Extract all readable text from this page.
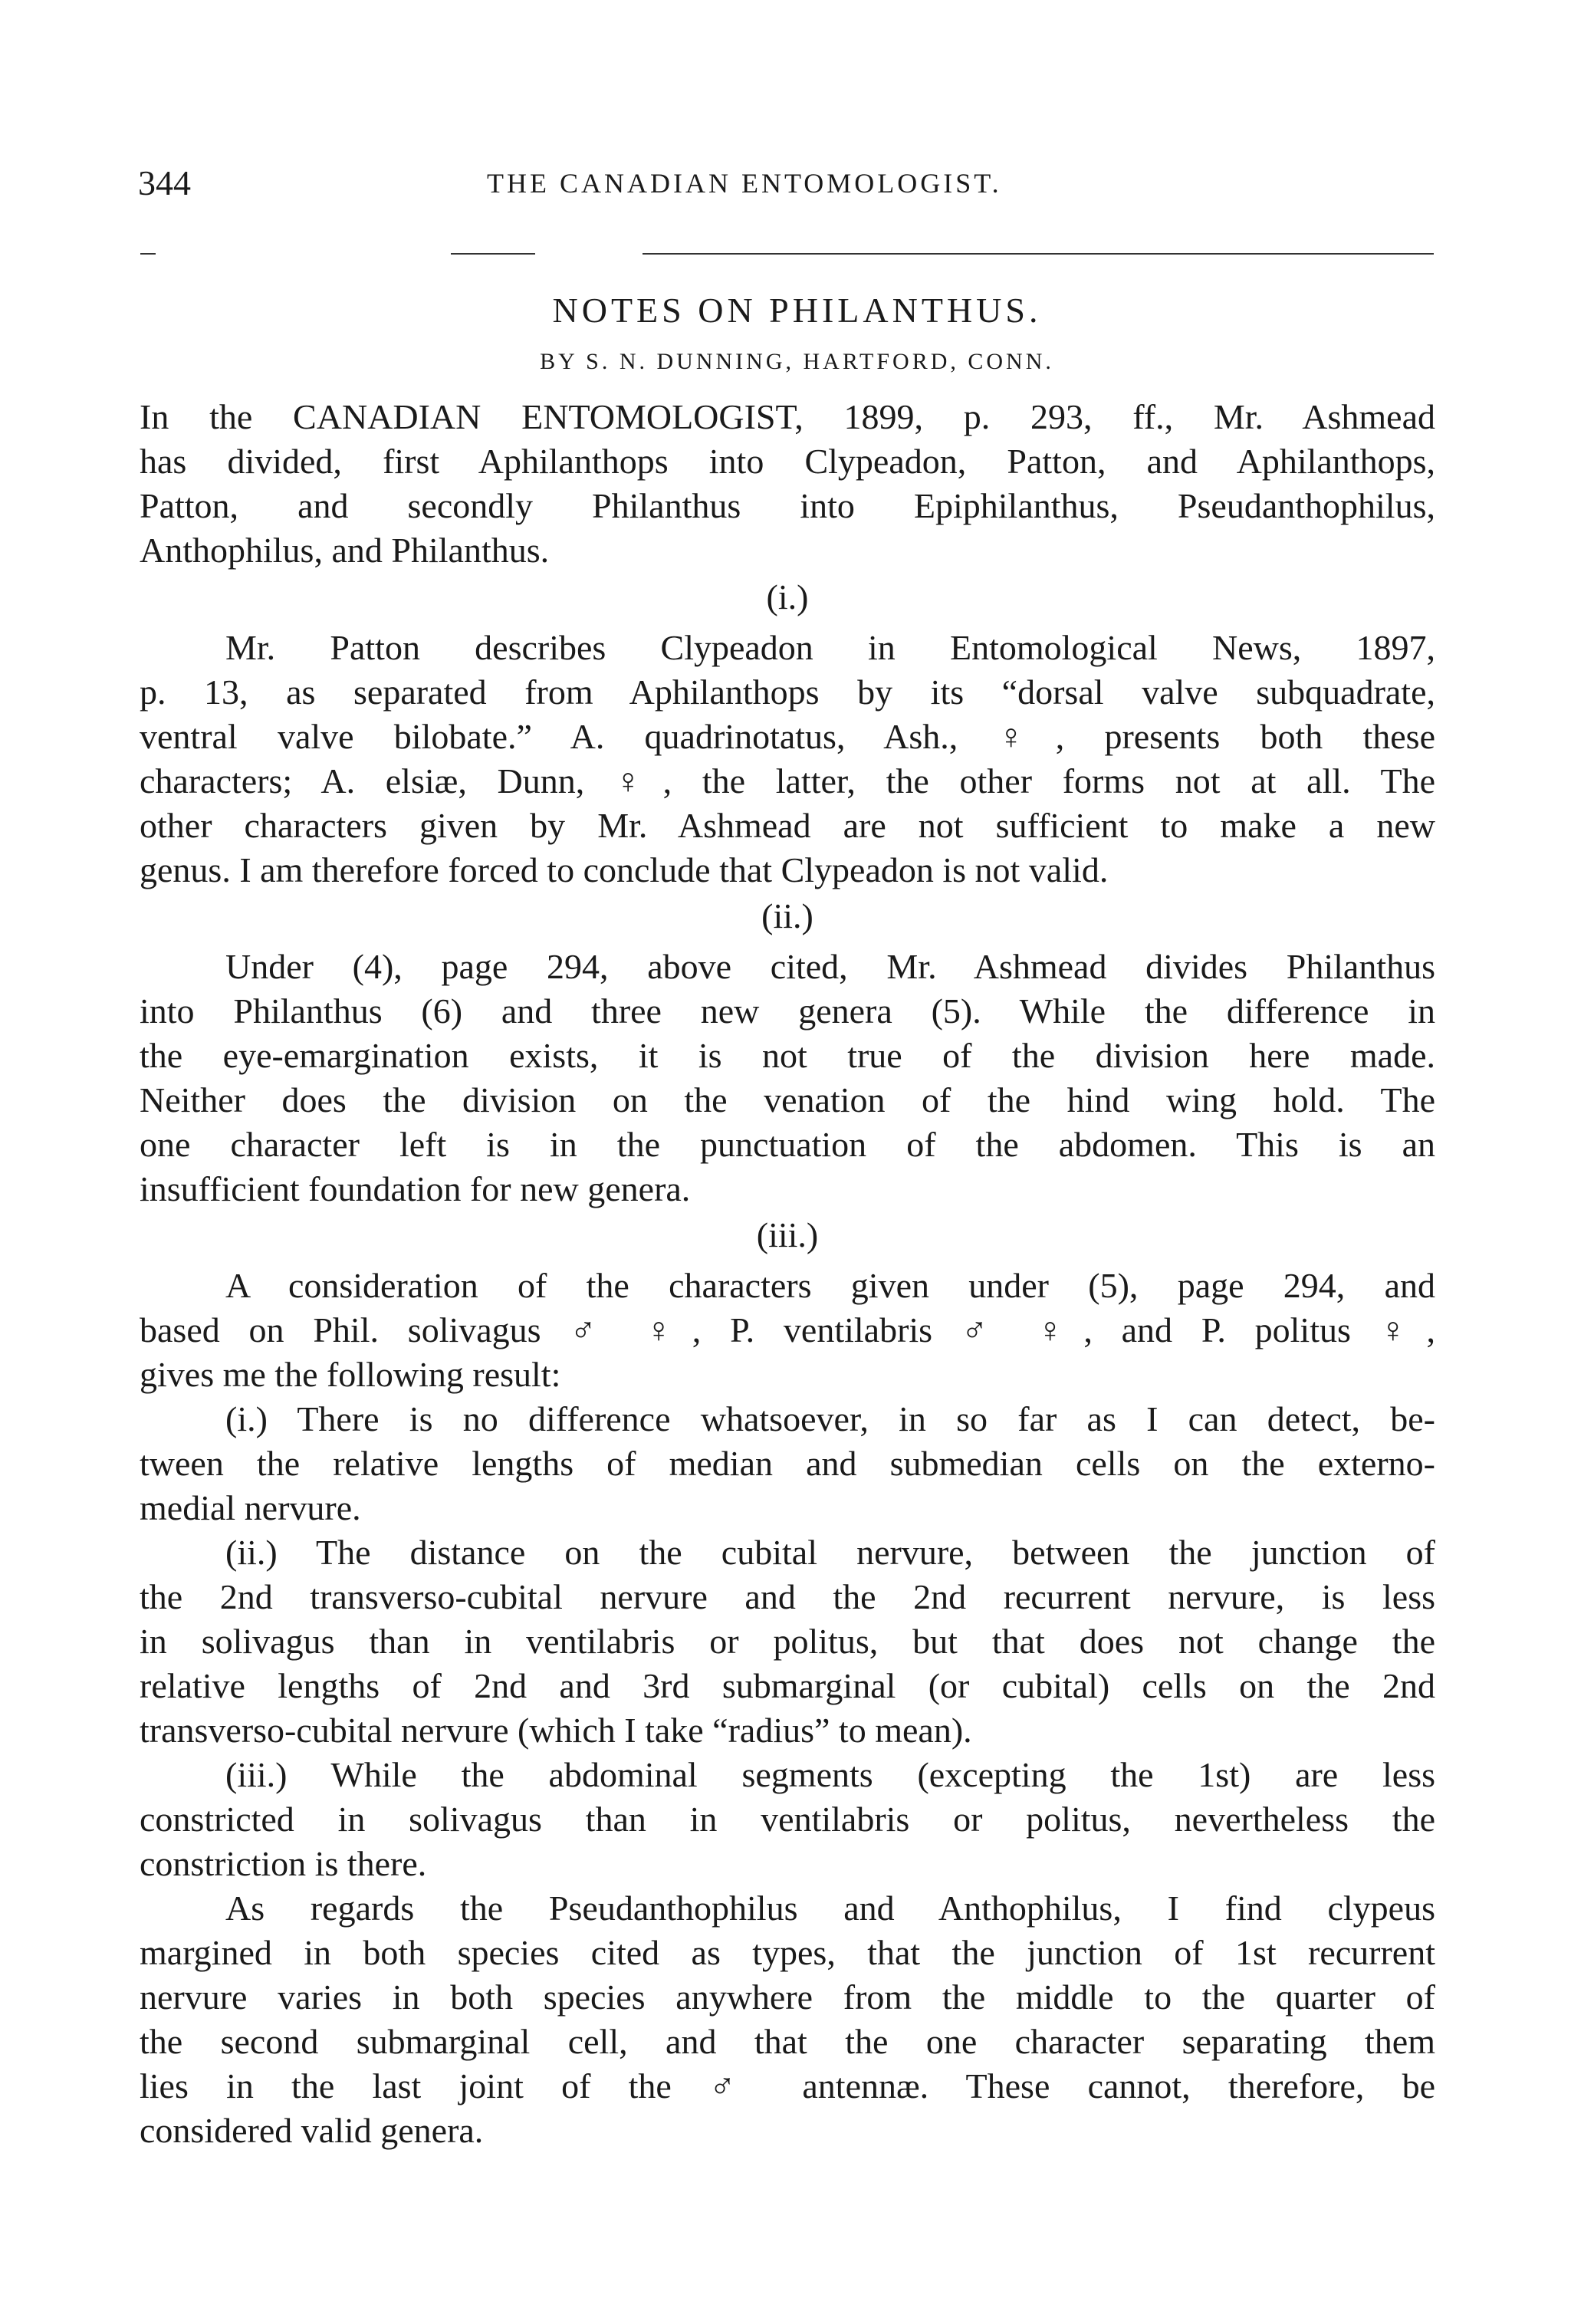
344	THE CANADIAN ENTOMOLOGIST.
NOTES ON PHILANTHUS.
BY S. N. DUNNING, HARTFORD, CONN.
In the CANADIAN ENTOMOLOGIST, 1899, p. 293, ff., Mr. Ashmead
has divided, first Aphilanthops into Clypeadon, Patton, and Aphilanthops,
Patton, and secondly Philanthus into Epiphilanthus, Pseudanthophilus,
Anthophilus, and Philanthus.
(i.)
Mr. Patton describes Clypeadon in Entomological News, 1897,
p. 13, as separated from Aphilanthops by its “dorsal valve subquadrate,
ventral valve bilobate.” A. quadrinotatus, Ash., ♀, presents both these
characters; A. elsiæ, Dunn, ♀, the latter, the other forms not at all. The
other characters given by Mr. Ashmead are not sufficient to make a new
genus. I am therefore forced to conclude that Clypeadon is not valid.
(ii.)
Under (4), page 294, above cited, Mr. Ashmead divides Philanthus
into Philanthus (6) and three new genera (5). While the difference in
the eye-emargination exists, it is not true of the division here made.
Neither does the division on the venation of the hind wing hold. The
one character left is in the punctuation of the abdomen. This is an
insufficient foundation for new genera.
(iii.)
A consideration of the characters given under (5), page 294, and
based on Phil. solivagus ♂ ♀, P. ventilabris ♂ ♀, and P. politus ♀,
gives me the following result:
(i.) There is no difference whatsoever, in so far as I can detect, be-
tween the relative lengths of median and submedian cells on the externo-
medial nervure.
(ii.) The distance on the cubital nervure, between the junction of
the 2nd transverso-cubital nervure and the 2nd recurrent nervure, is less
in solivagus than in ventilabris or politus, but that does not change the
relative lengths of 2nd and 3rd submarginal (or cubital) cells on the 2nd
transverso-cubital nervure (which I take “radius” to mean).
(iii.) While the abdominal segments (excepting the 1st) are less
constricted in solivagus than in ventilabris or politus, nevertheless the
constriction is there.
As regards the Pseudanthophilus and Anthophilus, I find clypeus
margined in both species cited as types, that the junction of 1st recurrent
nervure varies in both species anywhere from the middle to the quarter of
the second submarginal cell, and that the one character separating them
lies in the last joint of the ♂ antennæ. These cannot, therefore, be
considered valid genera.
